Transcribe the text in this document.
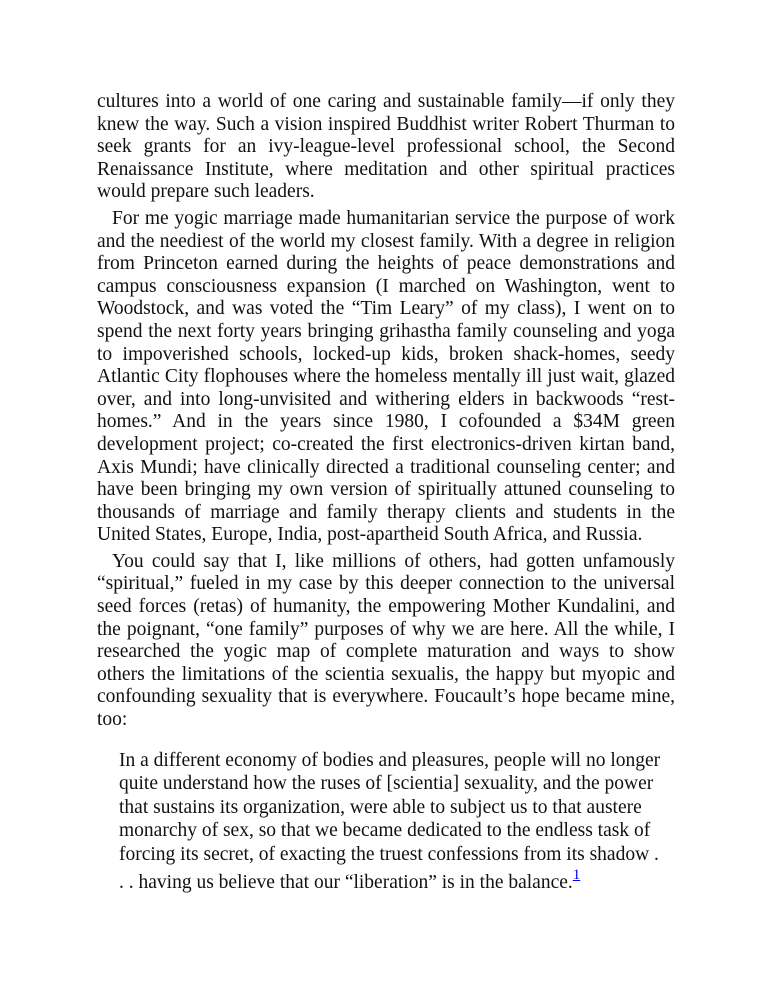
cultures into a world of one caring and sustainable family—if only they knew the way. Such a vision inspired Buddhist writer Robert Thurman to seek grants for an ivy-league-level professional school, the Second Renaissance Institute, where meditation and other spiritual practices would prepare such leaders.

For me yogic marriage made humanitarian service the purpose of work and the neediest of the world my closest family. With a degree in religion from Princeton earned during the heights of peace demonstrations and campus consciousness expansion (I marched on Washington, went to Woodstock, and was voted the “Tim Leary” of my class), I went on to spend the next forty years bringing grihastha family counseling and yoga to impoverished schools, locked-up kids, broken shack-homes, seedy Atlantic City flophouses where the homeless mentally ill just wait, glazed over, and into long-unvisited and withering elders in backwoods “rest-homes.” And in the years since 1980, I cofounded a $34M green development project; co-created the first electronics-driven kirtan band, Axis Mundi; have clinically directed a traditional counseling center; and have been bringing my own version of spiritually attuned counseling to thousands of marriage and family therapy clients and students in the United States, Europe, India, post-apartheid South Africa, and Russia.

You could say that I, like millions of others, had gotten unfamously “spiritual,” fueled in my case by this deeper connection to the universal seed forces (retas) of humanity, the empowering Mother Kundalini, and the poignant, “one family” purposes of why we are here. All the while, I researched the yogic map of complete maturation and ways to show others the limitations of the scientia sexualis, the happy but myopic and confounding sexuality that is everywhere. Foucault’s hope became mine, too:

In a different economy of bodies and pleasures, people will no longer
quite understand how the ruses of [scientia] sexuality, and the power
that sustains its organization, were able to subject us to that austere
monarchy of sex, so that we became dedicated to the endless task of
forcing its secret, of exacting the truest confessions from its shadow .
. . having us believe that our “liberation” is in the balance.$^1$
